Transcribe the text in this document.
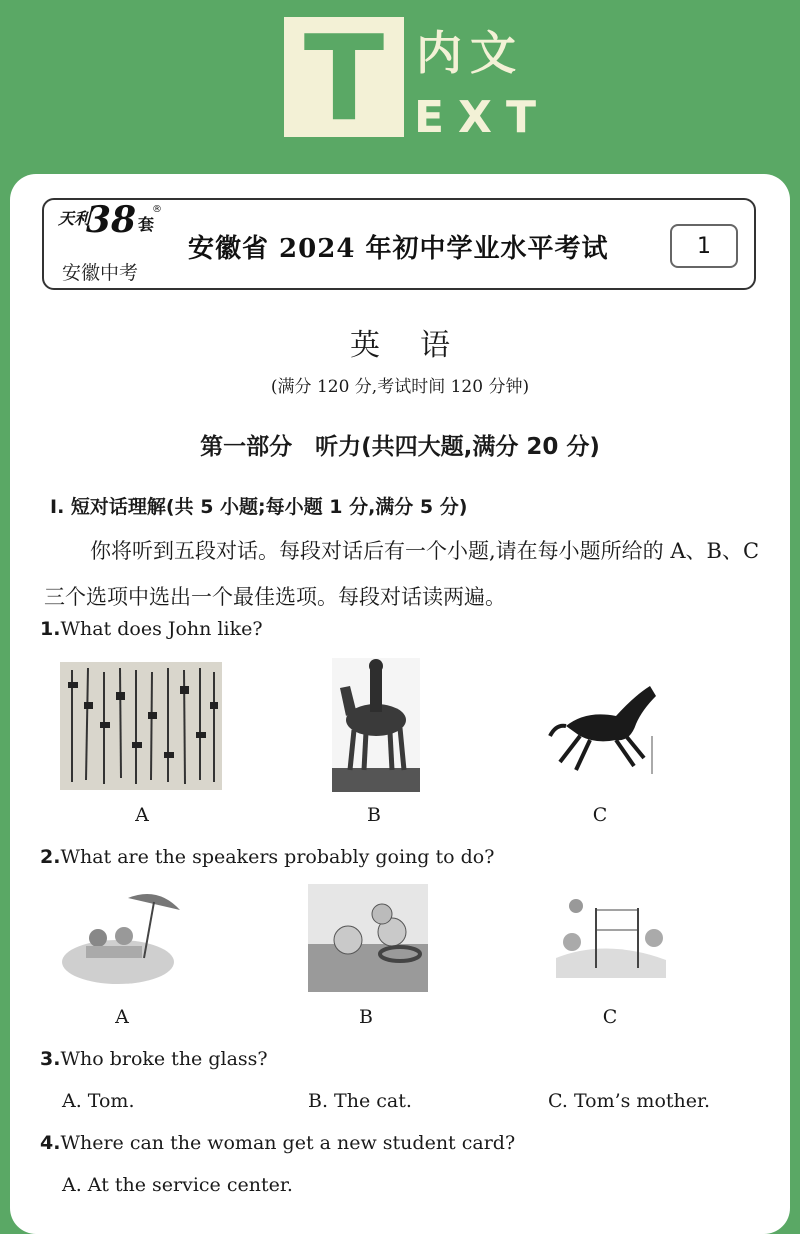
T 内文
EXT
天利
38 套
®
安徽中考
安徽省 2024 年初中学业水平考试	1
英语
(满分 120 分,考试时间 120 分钟)
第一部分　听力(共四大题,满分 20 分)
I. 短对话理解(共 5 小题;每小题 1 分,满分 5 分)
你将听到五段对话。每段对话后有一个小题,请在每小题所给的 A、B、C 三个选项中选出一个最佳选项。每段对话读两遍。
1.What does John like?
A	B	C
2.What are the speakers probably going to do?
A	B	C
3.Who broke the glass?
A. Tom.	B. The cat.	C. Tom’s mother.
4.Where can the woman get a new student card?
A. At the service center.
